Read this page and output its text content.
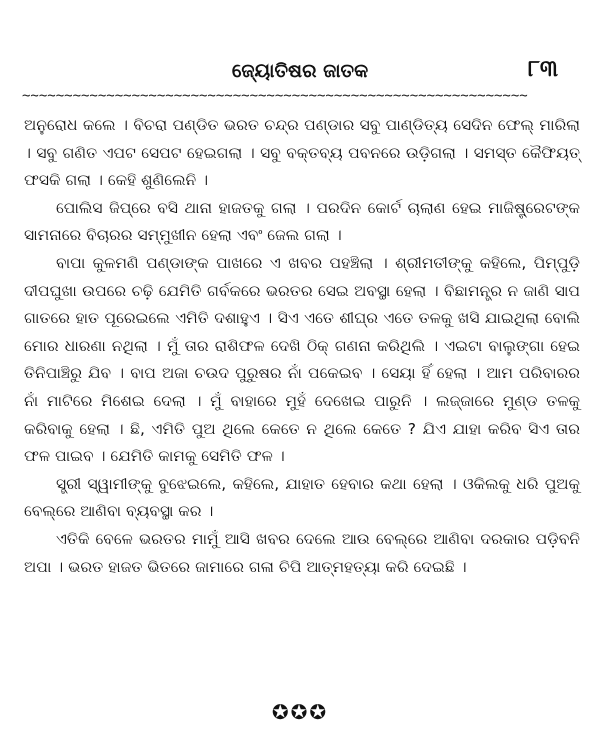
ଜ୍ୟୋତିଷର ଜାତକ	୮୩
~~~~~~~~~~~~~~~~~~~~~~~~~~~~~~~~~~~~~~~~~~~~~~~~~~~~~~~~~~~~

ଅନୁରୋଧ କଲେ । ବିଚରା ପଣ୍ଡିତ ଭରତ ଚନ୍ଦ୍ର ପଣ୍ଡାର ସବୁ ପାଣ୍ଡିତ୍ୟ ସେଦିନ ଫେଲ୍ ମାରିଲା । ସବୁ ଗଣିତ ଏପଟ ସେପଟ ହେଇଗଲା । ସବୁ ବକ୍ତବ୍ୟ ପବନରେ ଉଡ଼ିଗଲା । ସମସ୍ତ କୈଫିୟତ୍ ଫସକି ଗଲା । କେହି ଶୁଣିଲେନି ।

ପୋଲିସ ଜିପ୍‌ରେ ବସି ଥାନା ହାଜତକୁ ଗଲା । ପରଦିନ କୋର୍ଟ ଚାଲାଣ ହେଇ ମାଜିଷ୍ଟ୍ରେଟଙ୍କ ସାମନାରେ ବିଚାରର ସମ୍ମୁଖୀନ ହେଲା ଏବଂ ଜେଲ ଗଲା ।

ବାପା କୁଳମଣି ପଣ୍ଡାଙ୍କ ପାଖରେ ଏ ଖବର ପହଞ୍ଚିଲା । ଶ୍ରୀମତୀଙ୍କୁ କହିଲେ, ପିମ୍ପୁଡ଼ି ଦୀପଘୁଖା ଉପରେ ଚଢ଼ି ଯେମିତି ଗର୍ବକରେ ଭରତର ସେଇ ଅବସ୍ଥା ହେଲା । ବିଛାମନ୍ତ୍ର ନ ଜାଣି ସାପ ଗାତରେ ହାତ ପୂରେଇଲେ ଏମିତି ଦଶାହୁଏ । ସିଏ ଏତେ ଶୀଘ୍ର ଏତେ ତଳକୁ ଖସି ଯାଇଥିଲା ବୋଲି ମୋର ଧାରଣା ନଥିଲା । ମୁଁ ତାର ରାଶିଫଳ ଦେଖି ଠିକ୍ ଗଣନା କରିଥିଲି । ଏଇଟା ବାଲୁଙ୍ଗା ହେଇ ତିନିପାଞ୍ଚିରୁ ଯିବ । ବାପ ଅଜା ଚଉଦ ପୁରୁଷର ନାଁ ପକେଇବ । ସେୟା ହିଁ ହେଲା । ଆମ ପରିବାରର ନାଁ ମାଟିରେ ମିଶେଇ ଦେଲା । ମୁଁ ବାହାରେ ମୁହଁ ଦେଖେଇ ପାରୁନି । ଲଜ୍ଜାରେ ମୁଣ୍ଡ ତଳକୁ କରିବାକୁ ହେଲା । ଛି, ଏମିତି ପୁଅ ଥିଲେ କେତେ ନ ଥିଲେ କେତେ ? ଯିଏ ଯାହା କରିବ ସିଏ ତାର ଫଳ ପାଇବ । ଯେମିତି କାମକୁ ସେମିତି ଫଳ ।

ସ୍ତ୍ରୀ ସ୍ୱାମୀଙ୍କୁ ବୁଝେଇଲେ, କହିଲେ, ଯାହାତ ହେବାର କଥା ହେଲା । ଓକିଲକୁ ଧରି ପୁଅକୁ ବେଲ୍‌ରେ ଆଣିବା ବ୍ୟବସ୍ଥା କର ।

ଏତିକି ବେଳେ ଭରତର ମାମୁଁ ଆସି ଖବର ଦେଲେ ଆଉ ବେଲ୍‌ରେ ଆଣିବା ଦରକାର ପଡ଼ିବନି ଅପା । ଭରତ ହାଜତ ଭିତରେ ଜାମାରେ ଗଳା ଚିପି ଆତ୍ମହତ୍ୟା କରି ଦେଇଛି ।

✪✪✪
